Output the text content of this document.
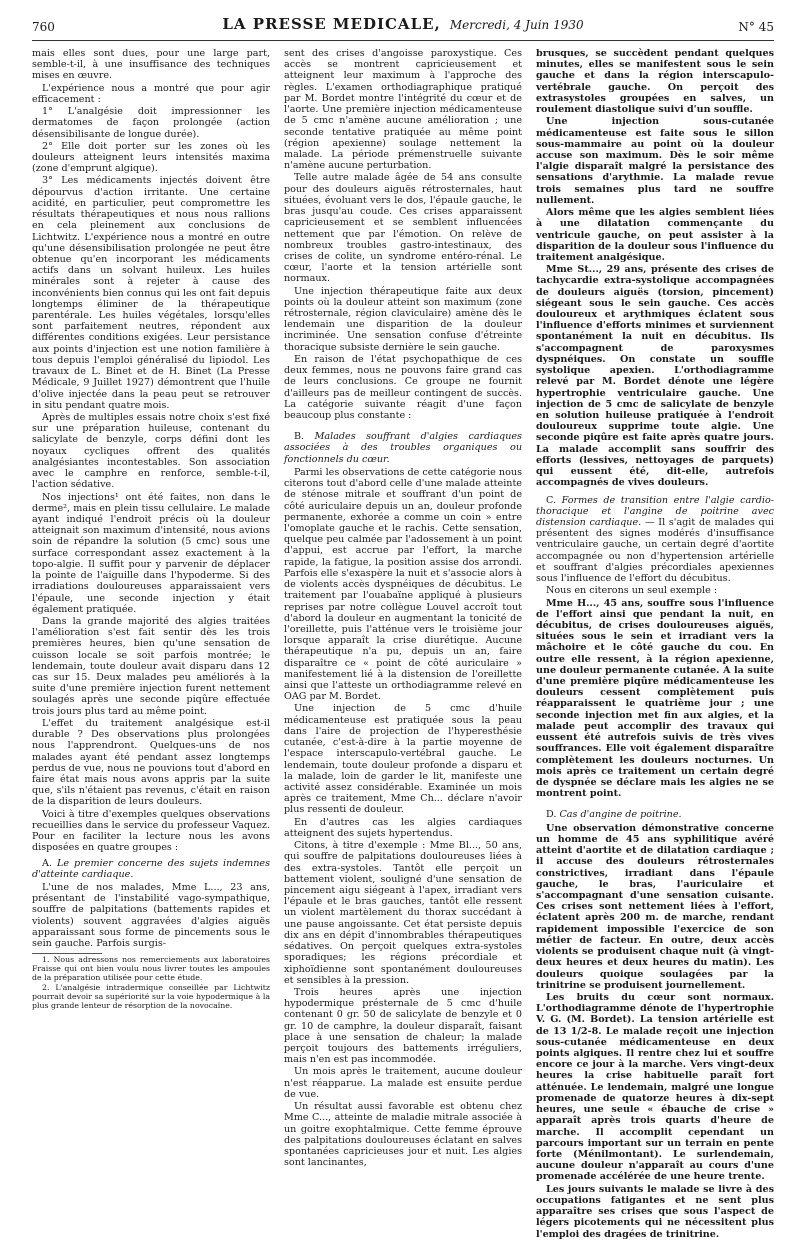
760	LA PRESSE MEDICALE, Mercredi, 4 Juin 1930	N° 45

mais elles sont dues, pour une large part, semble-t-il, à une insuffisance des techniques mises en œuvre.

L'expérience nous a montré que pour agir efficacement :

1° L'analgésie doit impressionner les dermatomes de façon prolongée (action désensibilisante de longue durée).

2° Elle doit porter sur les zones où les douleurs atteignent leurs intensités maxima (zone d'emprunt algique).

3° Les médicaments injectés doivent être dépourvus d'action irritante. Une certaine acidité, en particulier, peut compromettre les résultats thérapeutiques et nous nous rallions en cela pleinement aux conclusions de Lichtwitz. L'expérience nous a montré en outre qu'une désensibilisation prolongée ne peut être obtenue qu'en incorporant les médicaments actifs dans un solvant huileux. Les huiles minérales sont à rejeter à cause des inconvénients bien connus qui les ont fait depuis longtemps éliminer de la thérapeutique parentérale. Les huiles végétales, lorsqu'elles sont parfaitement neutres, répondent aux différentes conditions exigées. Leur persistance aux points d'injection est une notion familière à tous depuis l'emploi généralisé du lipiodol. Les travaux de L. Binet et de H. Binet (La Presse Médicale, 9 Juillet 1927) démontrent que l'huile d'olive injectée dans la peau peut se retrouver in situ pendant quatre mois.

Après de multiples essais notre choix s'est fixé sur une préparation huileuse, contenant du salicylate de benzyle, corps défini dont les noyaux cycliques offrent des qualités analgésiantes incontestables. Son association avec le camphre en renforce, semble-t-il, l'action sédative.

Nos injections¹ ont été faites, non dans le derme², mais en plein tissu cellulaire. Le malade ayant indiqué l'endroit précis où la douleur atteignait son maximum d'intensité, nous avions soin de répandre la solution (5 cmc) sous une surface correspondant assez exactement à la topo-algie. Il suffit pour y parvenir de déplacer la pointe de l'aiguille dans l'hypoderme. Si des irradiations douloureuses apparaissaient vers l'épaule, une seconde injection y était également pratiquée.

Dans la grande majorité des algies traitées l'amélioration s'est fait sentir dès les trois premières heures, bien qu'une sensation de cuisson locale se soit parfois montrée; le lendemain, toute douleur avait disparu dans 12 cas sur 15. Deux malades peu améliorés à la suite d'une première injection furent nettement soulagés après une seconde piqûre effectuée trois jours plus tard au même point.

L'effet du traitement analgésique est-il durable ? Des observations plus prolongées nous l'apprendront. Quelques-uns de nos malades ayant été pendant assez longtemps perdus de vue, nous ne pouvions tout d'abord en faire état mais nous avons appris par la suite que, s'ils n'étaient pas revenus, c'était en raison de la disparition de leurs douleurs.

Voici à titre d'exemples quelques observations recueillies dans le service du professeur Vaquez. Pour en faciliter la lecture nous les avons disposées en quatre groupes :

A. Le premier concerne des sujets indemnes d'atteinte cardiaque.

L'une de nos malades, Mme L..., 23 ans, présentant de l'instabilité vago-sympathique, souffre de palpitations (battements rapides et violents) souvent aggravées d'algies aiguës apparaissant sous forme de pincements sous le sein gauche. Parfois surgis-

1. Nous adressons nos remerciements aux laboratoires Fraisse qui ont bien voulu nous livrer toutes les ampoules de la préparation utilisée pour cette étude.

2. L'analgésie intradermique conseillée par Lichtwitz pourrait devoir sa supériorité sur la voie hypodermique à la plus grande lenteur de résorption de la novocaïne.

sent des crises d'angoisse paroxystique. Ces accès se montrent capricieusement et atteignent leur maximum à l'approche des règles. L'examen orthodiagraphique pratiqué par M. Bordet montre l'intégrité du cœur et de l'aorte. Une première injection médicamenteuse de 5 cmc n'amène aucune amélioration ; une seconde tentative pratiquée au même point (région apexienne) soulage nettement la malade. La période prémenstruelle suivante n'amène aucune perturbation.

Telle autre malade âgée de 54 ans consulte pour des douleurs aiguës rétrosternales, haut situées, évoluant vers le dos, l'épaule gauche, le bras jusqu'au coude. Ces crises apparaissent capricieusement et se semblent influencées nettement que par l'émotion. On relève de nombreux troubles gastro-intestinaux, des crises de colite, un syndrome entéro-rénal. Le cœur, l'aorte et la tension artérielle sont normaux.

Une injection thérapeutique faite aux deux points où la douleur atteint son maximum (zone rétrosternale, région claviculaire) amène dès le lendemain une disparition de la douleur incriminée. Une sensation confuse d'étreinte thoracique subsiste dernière le sein gauche.

En raison de l'état psychopathique de ces deux femmes, nous ne pouvons faire grand cas de leurs conclusions. Ce groupe ne fournit d'ailleurs pas de meilleur contingent de succès. La catégorie suivante réagit d'une façon beaucoup plus constante :

B. Malades souffrant d'algies cardiaques associées à des troubles organiques ou fonctionnels du cœur.

Parmi les observations de cette catégorie nous citerons tout d'abord celle d'une malade atteinte de sténose mitrale et souffrant d'un point de côté auriculaire depuis un an, douleur profonde permanente, exhorée a comme un coin » entre l'omoplate gauche et le rachis. Cette sensation, quelque peu calmée par l'adossement à un point d'appui, est accrue par l'effort, la marche rapide, la fatigue, la position assise dos arrondi. Parfois elle s'exaspère la nuit et s'associe alors à de violents accès dyspnéiques de décubitus. Le traitement par l'ouabaïne appliqué à plusieurs reprises par notre collègue Louvel accroît tout d'abord la douleur en augmentant la tonicité de l'oreillette, puis l'atténue vers le troisième jour lorsque apparaît la crise diurétique. Aucune thérapeutique n'a pu, depuis un an, faire disparaître ce « point de côté auriculaire » manifestement lié à la distension de l'oreillette ainsi que l'atteste un orthodiagramme relevé en OAG par M. Bordet.

Une injection de 5 cmc d'huile médicamenteuse est pratiquée sous la peau dans l'aire de projection de l'hyperesthésie cutanée, c'est-à-dire à la partie moyenne de l'espace interscapulo-vertébral gauche. Le lendemain, toute douleur profonde a disparu et la malade, loin de garder le lit, manifeste une activité assez considérable. Examinée un mois après ce traitement, Mme Ch... déclare n'avoir plus ressenti de douleur.

En d'autres cas les algies cardiaques atteignent des sujets hypertendus.

Citons, à titre d'exemple : Mme Bl..., 50 ans, qui souffre de palpitations douloureuses liées à des extra-systoles. Tantôt elle perçoit un battement violent, souligné d'une sensation de pincement aigu siégeant à l'apex, irradiant vers l'épaule et le bras gauches, tantôt elle ressent un violent martèlement du thorax succédant à une pause angoissante. Cet état persiste depuis dix ans en dépit d'innombrables thérapeutiques sédatives. On perçoit quelques extra-systoles sporadiques; les régions précordiale et xiphoïdienne sont spontanément douloureuses et sensibles à la pression.

Trois heures après une injection hypodermique présternale de 5 cmc d'huile contenant 0 gr. 50 de salicylate de benzyle et 0 gr. 10 de camphre, la douleur disparaît, faisant place à une sensation de chaleur; la malade perçoit toujours des battements irréguliers, mais n'en est pas incommodée.

Un mois après le traitement, aucune douleur n'est réapparue. La malade est ensuite perdue de vue.

Un résultat aussi favorable est obtenu chez Mme C..., atteinte de maladie mitrale associée à un goitre exophtalmique. Cette femme éprouve des palpitations douloureuses éclatant en salves spontanées capricieuses jour et nuit. Les algies sont lancinantes,

brusques, se succèdent pendant quelques minutes, elles se manifestent sous le sein gauche et dans la région interscapulo-vertébrale gauche. On perçoit des extrasystoles groupées en salves, un roulement diastolique suivi d'un souffle.

Une injection sous-cutanée médicamenteuse est faite sous le sillon sous-mammaire au point où la douleur accuse son maximum. Dès le soir même l'algie disparaît malgré la persistance des sensations d'arythmie. La malade revue trois semaines plus tard ne souffre nullement.

Alors même que les algies semblent liées à une dilatation commençante du ventricule gauche, on peut assister à la disparition de la douleur sous l'influence du traitement analgésique.

Mme St..., 29 ans, présente des crises de tachycardie extra-systolique accompagnées de douleurs aiguës (torsion, pincement) siégeant sous le sein gauche. Ces accès douloureux et arythmiques éclatent sous l'influence d'efforts minimes et surviennent spontanément la nuit en décubitus. Ils s'accompagnent de paroxysmes dyspnéiques. On constate un souffle systolique apexien. L'orthodiagramme relevé par M. Bordet dénote une légère hypertrophie ventriculaire gauche. Une injection de 5 cmc de salicylate de benzyle en solution huileuse pratiquée à l'endroit douloureux supprime toute algie. Une seconde piqûre est faite après quatre jours. La malade accomplit sans souffrir des efforts (lessives, nettoyages de parquets) qui eussent été, dit-elle, autrefois accompagnés de vives douleurs.

C. Formes de transition entre l'algie cardio-thoracique et l'angine de poitrine avec distension cardiaque. — Il s'agit de malades qui présentent des signes modérés d'insuffisance ventriculaire gauche, un certain degré d'aortite accompagnée ou non d'hypertension artérielle et souffrant d'algies précordiales apexiennes sous l'influence de l'effort du décubitus.

Nous en citerons un seul exemple :

Mme H..., 45 ans, souffre sous l'influence de l'effort ainsi que pendant la nuit, en décubitus, de crises douloureuses aiguës, situées sous le sein et irradiant vers la mâchoire et le côté gauche du cou. En outre elle ressent, à la région apexienne, une douleur permanente cutanée. A la suite d'une première piqûre médicamenteuse les douleurs cessent complètement puis réapparaissent le quatrième jour ; une seconde injection met fin aux algies, et la malade peut accomplir des travaux qui eussent été autrefois suivis de très vives souffrances. Elle voit également disparaître complètement les douleurs nocturnes. Un mois après ce traitement un certain degré de dyspnée se déclare mais les algies ne se montrent point.

D. Cas d'angine de poitrine.

Une observation démonstrative concerne un homme de 45 ans syphilitique avéré atteint d'aortite et de dilatation cardiaque ; il accuse des douleurs rétrosternales constrictives, irradiant dans l'épaule gauche, le bras, l'auriculaire et s'accompagnant d'une sensation cuisante. Ces crises sont nettement liées à l'effort, éclatent après 200 m. de marche, rendant rapidement impossible l'exercice de son métier de facteur. En outre, deux accès violents se produisent chaque nuit (à vingt-deux heures et deux heures du matin). Les douleurs quoique soulagées par la trinitrine se produisent journellement.

Les bruits du cœur sont normaux. L'orthodiagramme dénote de l'hypertrophie V. G. (M. Bordet). La tension artérielle est de 13 1/2-8. Le malade reçoit une injection sous-cutanée médicamenteuse en deux points algiques. Il rentre chez lui et souffre encore ce jour à la marche. Vers vingt-deux heures la crise habituelle paraît fort atténuée. Le lendemain, malgré une longue promenade de quatorze heures à dix-sept heures, une seule « ébauche de crise » apparaît après trois quarts d'heure de marche. Il accomplit cependant un parcours important sur un terrain en pente forte (Ménilmontant). Le surlendemain, aucune douleur n'apparaît au cours d'une promenade accélérée de une heure trente.

Les jours suivants le malade se livre à des occupations fatigantes et ne sent plus apparaître ses crises que sous l'aspect de légers picotements qui ne nécessitent plus l'emploi des dragées de trinitrine.
